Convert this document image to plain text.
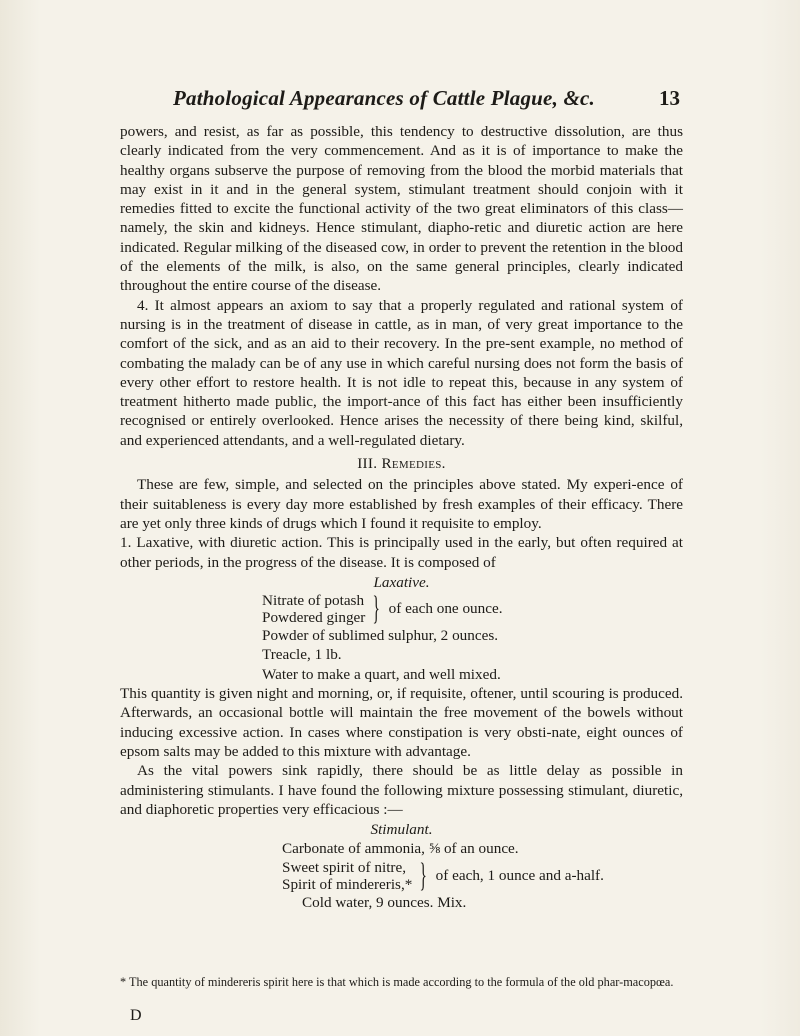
Pathological Appearances of Cattle Plague, &c.	13

powers, and resist, as far as possible, this tendency to destructive dissolution, are thus clearly indicated from the very commencement. And as it is of importance to make the healthy organs subserve the purpose of removing from the blood the morbid materials that may exist in it and in the general system, stimulant treatment should conjoin with it remedies fitted to excite the functional activity of the two great eliminators of this class—namely, the skin and kidneys. Hence stimulant, diapho-retic and diuretic action are here indicated. Regular milking of the diseased cow, in order to prevent the retention in the blood of the elements of the milk, is also, on the same general principles, clearly indicated throughout the entire course of the disease.

4. It almost appears an axiom to say that a properly regulated and rational system of nursing is in the treatment of disease in cattle, as in man, of very great importance to the comfort of the sick, and as an aid to their recovery. In the pre-sent example, no method of combating the malady can be of any use in which careful nursing does not form the basis of every other effort to restore health. It is not idle to repeat this, because in any system of treatment hitherto made public, the import-ance of this fact has either been insufficiently recognised or entirely overlooked. Hence arises the necessity of there being kind, skilful, and experienced attendants, and a well-regulated dietary.

III. Remedies.

These are few, simple, and selected on the principles above stated. My experi-ence of their suitableness is every day more established by fresh examples of their efficacy. There are yet only three kinds of drugs which I found it requisite to employ.

1. Laxative, with diuretic action. This is principally used in the early, but often required at other periods, in the progress of the disease. It is composed of

Laxative.

Nitrate of potash
Powdered ginger } of each one ounce.

Powder of sublimed sulphur, 2 ounces.

Treacle, 1 lb.

Water to make a quart, and well mixed.

This quantity is given night and morning, or, if requisite, oftener, until scouring is produced. Afterwards, an occasional bottle will maintain the free movement of the bowels without inducing excessive action. In cases where constipation is very obsti-nate, eight ounces of epsom salts may be added to this mixture with advantage.

As the vital powers sink rapidly, there should be as little delay as possible in administering stimulants. I have found the following mixture possessing stimulant, diuretic, and diaphoretic properties very efficacious :—

Stimulant.

Carbonate of ammonia, ⅝ of an ounce.

Sweet spirit of nitre,
Spirit of mindereris,* } of each, 1 ounce and a-half.

Cold water, 9 ounces. Mix.

* The quantity of mindereris spirit here is that which is made according to the formula of the old phar-macopœa.
D
